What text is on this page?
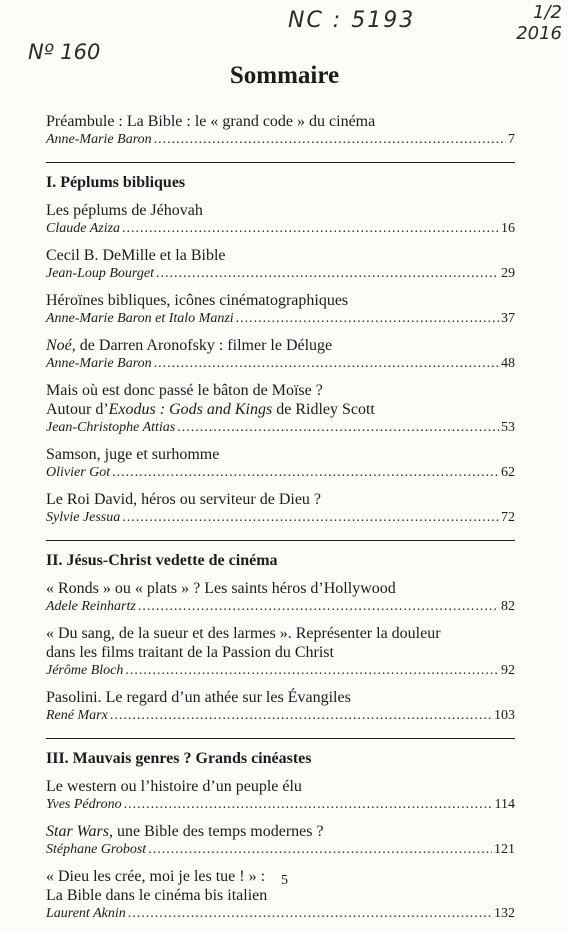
NC : 5193
Nº 160
1/2
2016
Sommaire
Préambule : La Bible : le « grand code » du cinéma
Anne-Marie Baron .....	7
I. Péplums bibliques
Les péplums de Jéhovah
Claude Aziza .....	16
Cecil B. DeMille et la Bible
Jean-Loup Bourget .....	29
Héroïnes bibliques, icônes cinématographiques
Anne-Marie Baron et Italo Manzi .....	37
Noé, de Darren Aronofsky : filmer le Déluge
Anne-Marie Baron .....	48
Mais où est donc passé le bâton de Moïse ?
Autour d’Exodus : Gods and Kings de Ridley Scott
Jean-Christophe Attias .....	53
Samson, juge et surhomme
Olivier Got .....	62
Le Roi David, héros ou serviteur de Dieu ?
Sylvie Jessua .....	72
II. Jésus-Christ vedette de cinéma
« Ronds » ou « plats » ? Les saints héros d’Hollywood
Adele Reinhartz .....	82
« Du sang, de la sueur et des larmes ». Représenter la douleur
dans les films traitant de la Passion du Christ
Jérôme Bloch .....	92
Pasolini. Le regard d’un athée sur les Évangiles
René Marx .....	103
III. Mauvais genres ? Grands cinéastes
Le western ou l’histoire d’un peuple élu
Yves Pédrono .....	114
Star Wars, une Bible des temps modernes ?
Stéphane Grobost .....	121
« Dieu les crée, moi je les tue ! » :
La Bible dans le cinéma bis italien
Laurent Aknin .....	132
5
